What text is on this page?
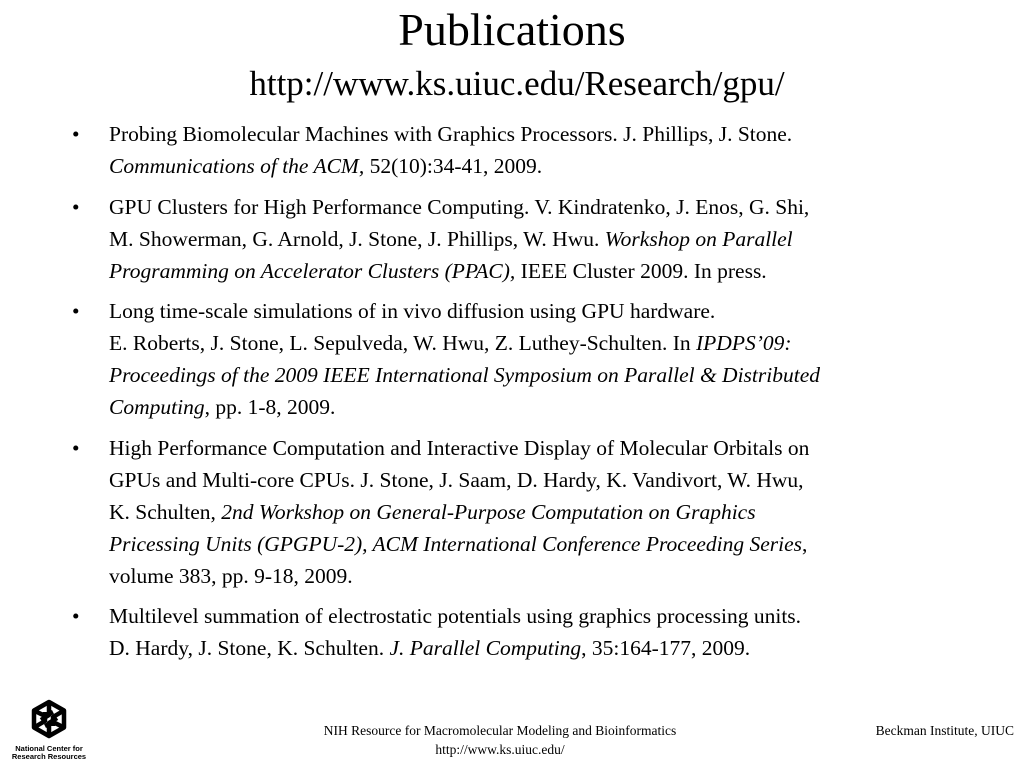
Publications
http://www.ks.uiuc.edu/Research/gpu/
• Probing Biomolecular Machines with Graphics Processors. J. Phillips, J. Stone.
Communications of the ACM, 52(10):34-41, 2009.
• GPU Clusters for High Performance Computing. V. Kindratenko, J. Enos, G. Shi,
M. Showerman, G. Arnold, J. Stone, J. Phillips, W. Hwu. Workshop on Parallel
Programming on Accelerator Clusters (PPAC), IEEE Cluster 2009. In press.
• Long time-scale simulations of in vivo diffusion using GPU hardware.
E. Roberts, J. Stone, L. Sepulveda, W. Hwu, Z. Luthey-Schulten. In IPDPS’09:
Proceedings of the 2009 IEEE International Symposium on Parallel & Distributed
Computing, pp. 1-8, 2009.
• High Performance Computation and Interactive Display of Molecular Orbitals on
GPUs and Multi-core CPUs. J. Stone, J. Saam, D. Hardy, K. Vandivort, W. Hwu,
K. Schulten, 2nd Workshop on General-Purpose Computation on Graphics
Pricessing Units (GPGPU-2), ACM International Conference Proceeding Series,
volume 383, pp. 9-18, 2009.
• Multilevel summation of electrostatic potentials using graphics processing units.
D. Hardy, J. Stone, K. Schulten. J. Parallel Computing, 35:164-177, 2009.
National Center for Research Resources
NIH Resource for Macromolecular Modeling and Bioinformatics
http://www.ks.uiuc.edu/
Beckman Institute, UIUC
